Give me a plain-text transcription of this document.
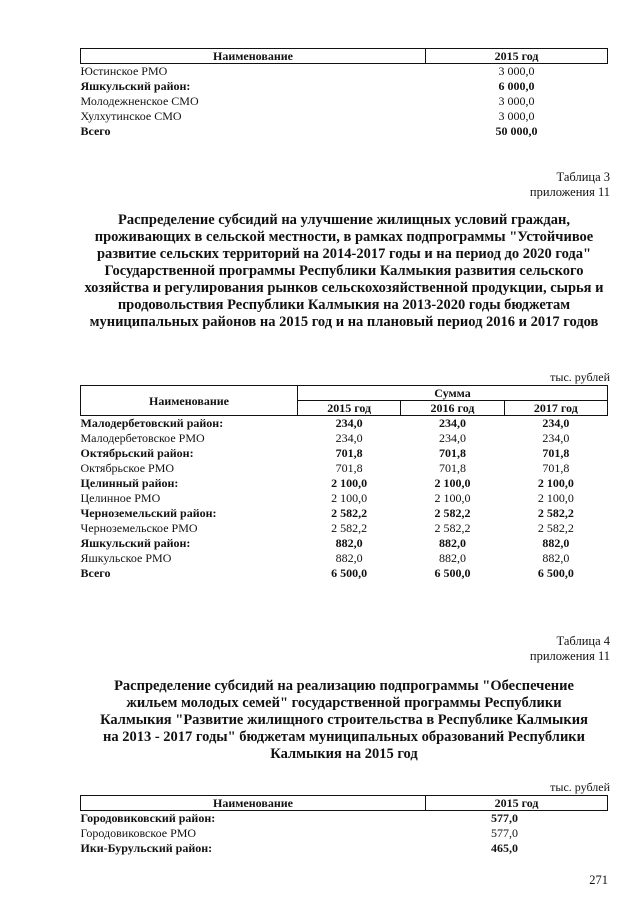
Наименование	2015 год
Юстинское РМО	3 000,0
Яшкульский район:	6 000,0
Молодежненское СМО	3 000,0
Хулхутинское СМО	3 000,0
Всего	50 000,0
Таблица 3
приложения 11
Распределение субсидий на улучшение жилищных условий граждан, проживающих в сельской местности, в рамках подпрограммы "Устойчивое развитие сельских территорий на 2014-2017 годы и на период до 2020 года" Государственной программы Республики Калмыкия развития сельского хозяйства и регулирования рынков сельскохозяйственной продукции, сырья и продовольствия Республики Калмыкия на 2013-2020 годы бюджетам муниципальных районов на 2015 год и на плановый период 2016 и 2017 годов
тыс. рублей
Наименование	Сумма		
	2015 год	2016 год	2017 год
Малодербетовский район:	234,0	234,0	234,0
Малодербетовское РМО	234,0	234,0	234,0
Октябрьский район:	701,8	701,8	701,8
Октябрьское РМО	701,8	701,8	701,8
Целинный район:	2 100,0	2 100,0	2 100,0
Целинное РМО	2 100,0	2 100,0	2 100,0
Черноземельский район:	2 582,2	2 582,2	2 582,2
Черноземельское РМО	2 582,2	2 582,2	2 582,2
Яшкульский район:	882,0	882,0	882,0
Яшкульское РМО	882,0	882,0	882,0
Всего	6 500,0	6 500,0	6 500,0
Таблица 4
приложения 11
Распределение субсидий на реализацию подпрограммы "Обеспечение жильем молодых семей" государственной программы Республики Калмыкия "Развитие жилищного строительства в Республике Калмыкия на 2013 - 2017 годы" бюджетам муниципальных образований Республики Калмыкия на 2015 год
тыс. рублей
Наименование	2015 год
Городовиковский район:	577,0
Городовиковское РМО	577,0
Ики-Бурульский район:	465,0
271
